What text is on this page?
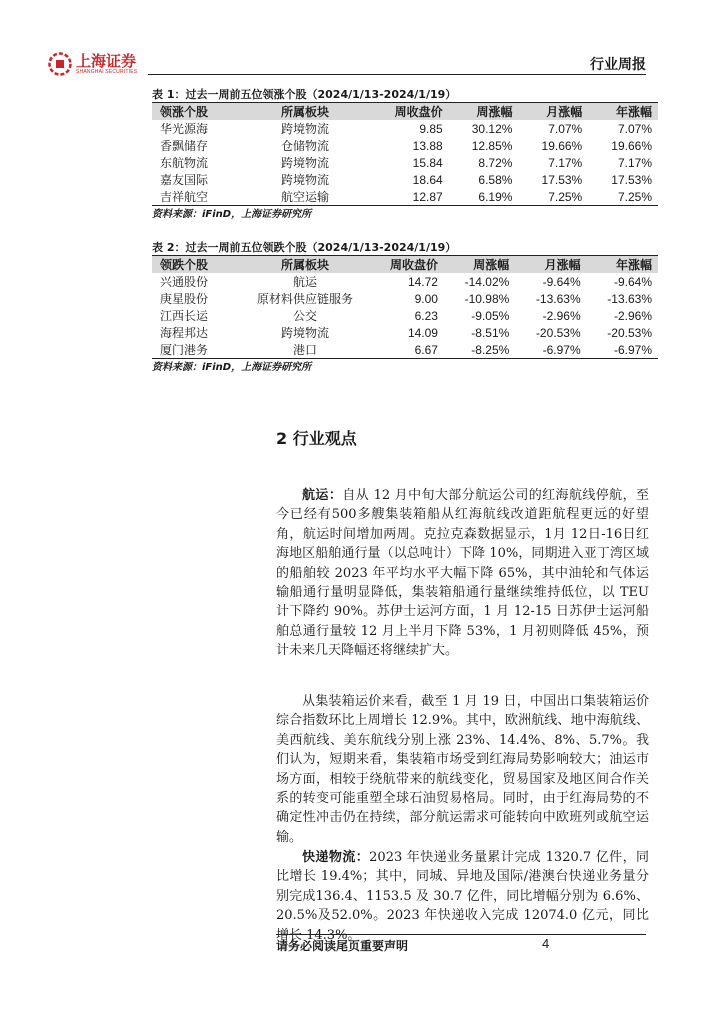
上海证券
SHANGHAI SECURITIES	行业周报
表 1：过去一周前五位领涨个股（2024/1/13-2024/1/19）
领涨个股	所属板块	周收盘价	周涨幅	月涨幅	年涨幅
华光源海	跨境物流	9.85	30.12%	7.07%	7.07%
香飘储存	仓储物流	13.88	12.85%	19.66%	19.66%
东航物流	跨境物流	15.84	8.72%	7.17%	7.17%
嘉友国际	跨境物流	18.64	6.58%	17.53%	17.53%
吉祥航空	航空运输	12.87	6.19%	7.25%	7.25%
资料来源：iFinD，上海证券研究所
表 2：过去一周前五位领跌个股（2024/1/13-2024/1/19）
领跌个股	所属板块	周收盘价	周涨幅	月涨幅	年涨幅
兴通股份	航运	14.72	-14.02%	-9.64%	-9.64%
庚星股份	原材料供应链服务	9.00	-10.98%	-13.63%	-13.63%
江西长运	公交	6.23	-9.05%	-2.96%	-2.96%
海程邦达	跨境物流	14.09	-8.51%	-20.53%	-20.53%
厦门港务	港口	6.67	-8.25%	-6.97%	-6.97%
资料来源：iFinD，上海证券研究所
2 行业观点
航运：自从 12 月中旬大部分航运公司的红海航线停航，至今已经有500多艘集装箱船从红海航线改道距航程更远的好望角，航运时间增加两周。克拉克森数据显示，1月 12日-16日红海地区船舶通行量（以总吨计）下降 10%，同期进入亚丁湾区域的船舶较 2023 年平均水平大幅下降 65%，其中油轮和气体运输船通行量明显降低，集装箱船通行量继续维持低位，以 TEU 计下降约 90%。苏伊士运河方面，1 月 12-15 日苏伊士运河船舶总通行量较 12 月上半月下降 53%，1 月初则降低 45%，预计未来几天降幅还将继续扩大。
从集装箱运价来看，截至 1 月 19 日，中国出口集装箱运价综合指数环比上周增长 12.9%。其中，欧洲航线、地中海航线、美西航线、美东航线分别上涨 23%、14.4%、8%、5.7%。我们认为，短期来看，集装箱市场受到红海局势影响较大；油运市场方面，相较于绕航带来的航线变化，贸易国家及地区间合作关系的转变可能重塑全球石油贸易格局。同时，由于红海局势的不确定性冲击仍在持续，部分航运需求可能转向中欧班列或航空运输。
快递物流：2023 年快递业务量累计完成 1320.7 亿件，同比增长 19.4%；其中，同城、异地及国际/港澳台快递业务量分别完成136.4、1153.5 及 30.7 亿件，同比增幅分别为 6.6%、20.5%及52.0%。2023 年快递收入完成 12074.0 亿元，同比增长 14.3%。
请务必阅读尾页重要声明	4
